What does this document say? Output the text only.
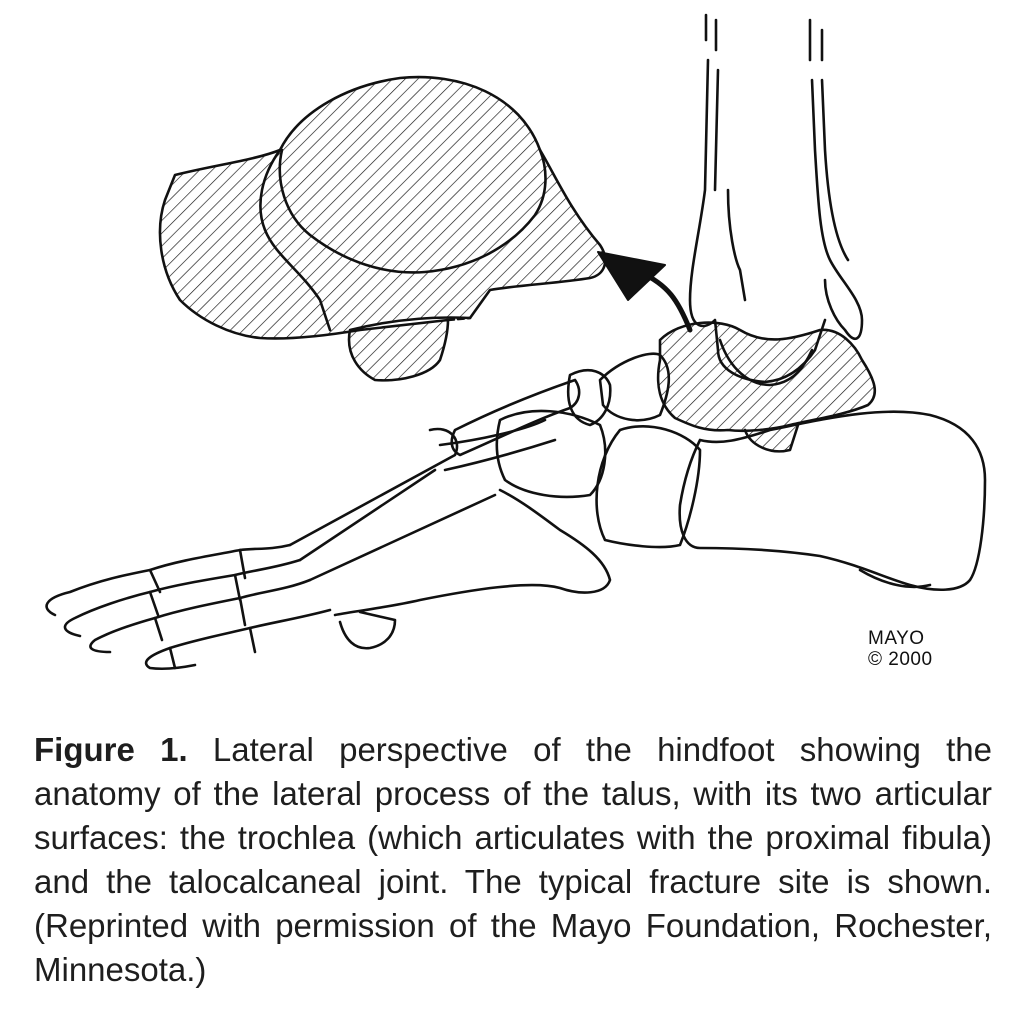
MAYO
© 2000

Figure 1. Lateral perspective of the hindfoot showing the anatomy of the lateral process of the talus, with its two articular surfaces: the trochlea (which articulates with the proximal fibula) and the talocalcaneal joint. The typical fracture site is shown. (Reprinted with permission of the Mayo Foundation, Rochester, Minnesota.)
